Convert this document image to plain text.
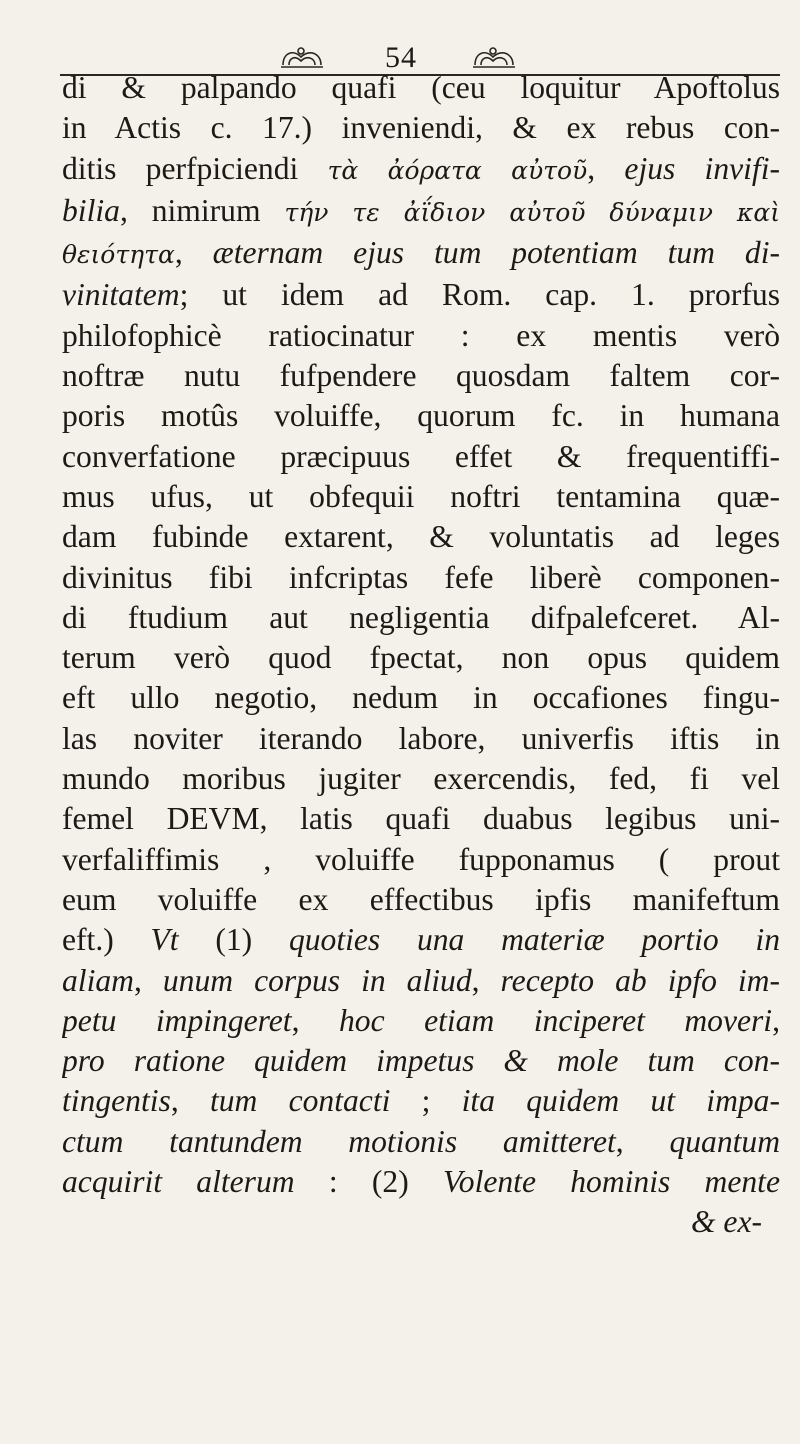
54
di & palpando quafi (ceu loquitur Apoftolus
in Actis c. 17.) inveniendi, & ex rebus con-
ditis perfpiciendi τὰ ἀόρατα αὐτοῦ, ejus invifi-
bilia, nimirum τήν τε ἀΐδιον αὐτοῦ δύναμιν καὶ
θειότητα, æternam ejus tum potentiam tum di-
vinitatem; ut idem ad Rom. cap. 1. prorfus
philofophicè ratiocinatur : ex mentis verò
noftræ nutu fufpendere quosdam faltem cor-
poris motûs voluiffe, quorum fc. in humana
converfatione præcipuus effet & frequentiffi-
mus ufus, ut obfequii noftri tentamina quæ-
dam fubinde extarent, & voluntatis ad leges
divinitus fibi infcriptas fefe liberè componen-
di ftudium aut negligentia difpalefceret. Al-
terum verò quod fpectat, non opus quidem
eft ullo negotio, nedum in occafiones fingu-
las noviter iterando labore, univerfis iftis in
mundo moribus jugiter exercendis, fed, fi vel
femel DEVM, latis quafi duabus legibus uni-
verfaliffimis , voluiffe fupponamus ( prout
eum voluiffe ex effectibus ipfis manifeftum
eft.) Vt (1) quoties una materiæ portio in
aliam, unum corpus in aliud, recepto ab ipfo im-
petu impingeret, hoc etiam inciperet moveri,
pro ratione quidem impetus & mole tum con-
tingentis, tum contacti ; ita quidem ut impa-
ctum tantundem motionis amitteret, quantum
acquirit alterum : (2) Volente hominis mente
& ex-
